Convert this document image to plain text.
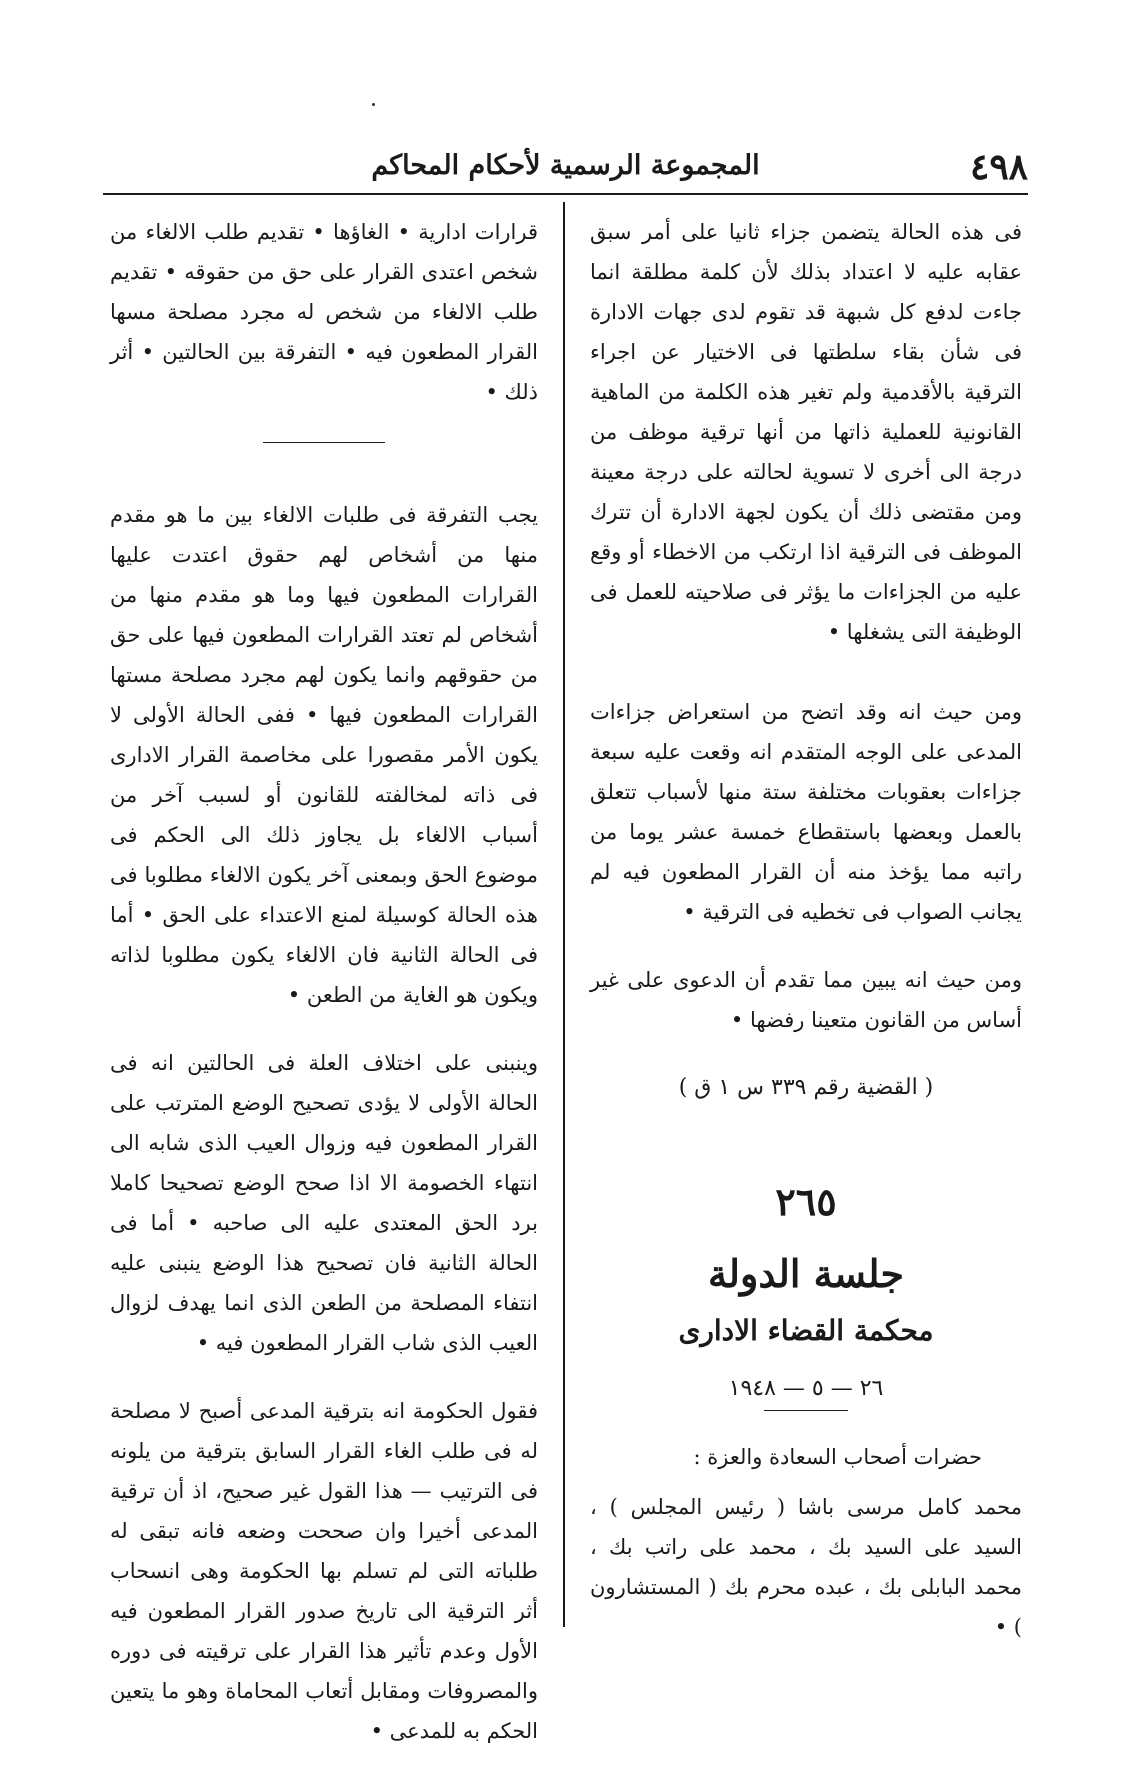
٤٩٨
المجموعة الرسمية لأحكام المحاكم

فى هذه الحالة يتضمن جزاء ثانيا على أمر سبق عقابه عليه لا اعتداد بذلك لأن كلمة مطلقة انما جاءت لدفع كل شبهة قد تقوم لدى جهات الادارة فى شأن بقاء سلطتها فى الاختيار عن اجراء الترقية بالأقدمية ولم تغير هذه الكلمة من الماهية القانونية للعملية ذاتها من أنها ترقية موظف من درجة الى أخرى لا تسوية لحالته على درجة معينة ومن مقتضى ذلك أن يكون لجهة الادارة أن تترك الموظف فى الترقية اذا ارتكب من الاخطاء أو وقع عليه من الجزاءات ما يؤثر فى صلاحيته للعمل فى الوظيفة التى يشغلها •

ومن حيث انه وقد اتضح من استعراض جزاءات المدعى على الوجه المتقدم انه وقعت عليه سبعة جزاءات بعقوبات مختلفة ستة منها لأسباب تتعلق بالعمل وبعضها باستقطاع خمسة عشر يوما من راتبه مما يؤخذ منه أن القرار المطعون فيه لم يجانب الصواب فى تخطيه فى الترقية •

ومن حيث انه يبين مما تقدم أن الدعوى على غير أساس من القانون متعينا رفضها •

( القضية رقم ٣٣٩ س ١ ق )
٢٦٥
جلسة الدولة
محكمة القضاء الادارى
٢٦ — ٥ — ١٩٤٨
حضرات أصحاب السعادة والعزة :

محمد كامل مرسى باشا ( رئيس المجلس ) ، السيد على السيد بك ، محمد على راتب بك ، محمد البابلى بك ، عبده محرم بك ( المستشارون ) •

قرارات ادارية • الغاؤها • تقديم طلب الالغاء من شخص اعتدى القرار على حق من حقوقه • تقديم طلب الالغاء من شخص له مجرد مصلحة مسها القرار المطعون فيه • التفرقة بين الحالتين • أثر ذلك •

يجب التفرقة فى طلبات الالغاء بين ما هو مقدم منها من أشخاص لهم حقوق اعتدت عليها القرارات المطعون فيها وما هو مقدم منها من أشخاص لم تعتد القرارات المطعون فيها على حق من حقوقهم وانما يكون لهم مجرد مصلحة مستها القرارات المطعون فيها • ففى الحالة الأولى لا يكون الأمر مقصورا على مخاصمة القرار الادارى فى ذاته لمخالفته للقانون أو لسبب آخر من أسباب الالغاء بل يجاوز ذلك الى الحكم فى موضوع الحق وبمعنى آخر يكون الالغاء مطلوبا فى هذه الحالة كوسيلة لمنع الاعتداء على الحق • أما فى الحالة الثانية فان الالغاء يكون مطلوبا لذاته ويكون هو الغاية من الطعن •

وينبنى على اختلاف العلة فى الحالتين انه فى الحالة الأولى لا يؤدى تصحيح الوضع المترتب على القرار المطعون فيه وزوال العيب الذى شابه الى انتهاء الخصومة الا اذا صحح الوضع تصحيحا كاملا برد الحق المعتدى عليه الى صاحبه • أما فى الحالة الثانية فان تصحيح هذا الوضع ينبنى عليه انتفاء المصلحة من الطعن الذى انما يهدف لزوال العيب الذى شاب القرار المطعون فيه •

فقول الحكومة انه بترقية المدعى أصبح لا مصلحة له فى طلب الغاء القرار السابق بترقية من يلونه فى الترتيب — هذا القول غير صحيح، اذ أن ترقية المدعى أخيرا وان صححت وضعه فانه تبقى له طلباته التى لم تسلم بها الحكومة وهى انسحاب أثر الترقية الى تاريخ صدور القرار المطعون فيه الأول وعدم تأثير هذا القرار على ترقيته فى دوره والمصروفات ومقابل أتعاب المحاماة وهو ما يتعين الحكم به للمدعى •
